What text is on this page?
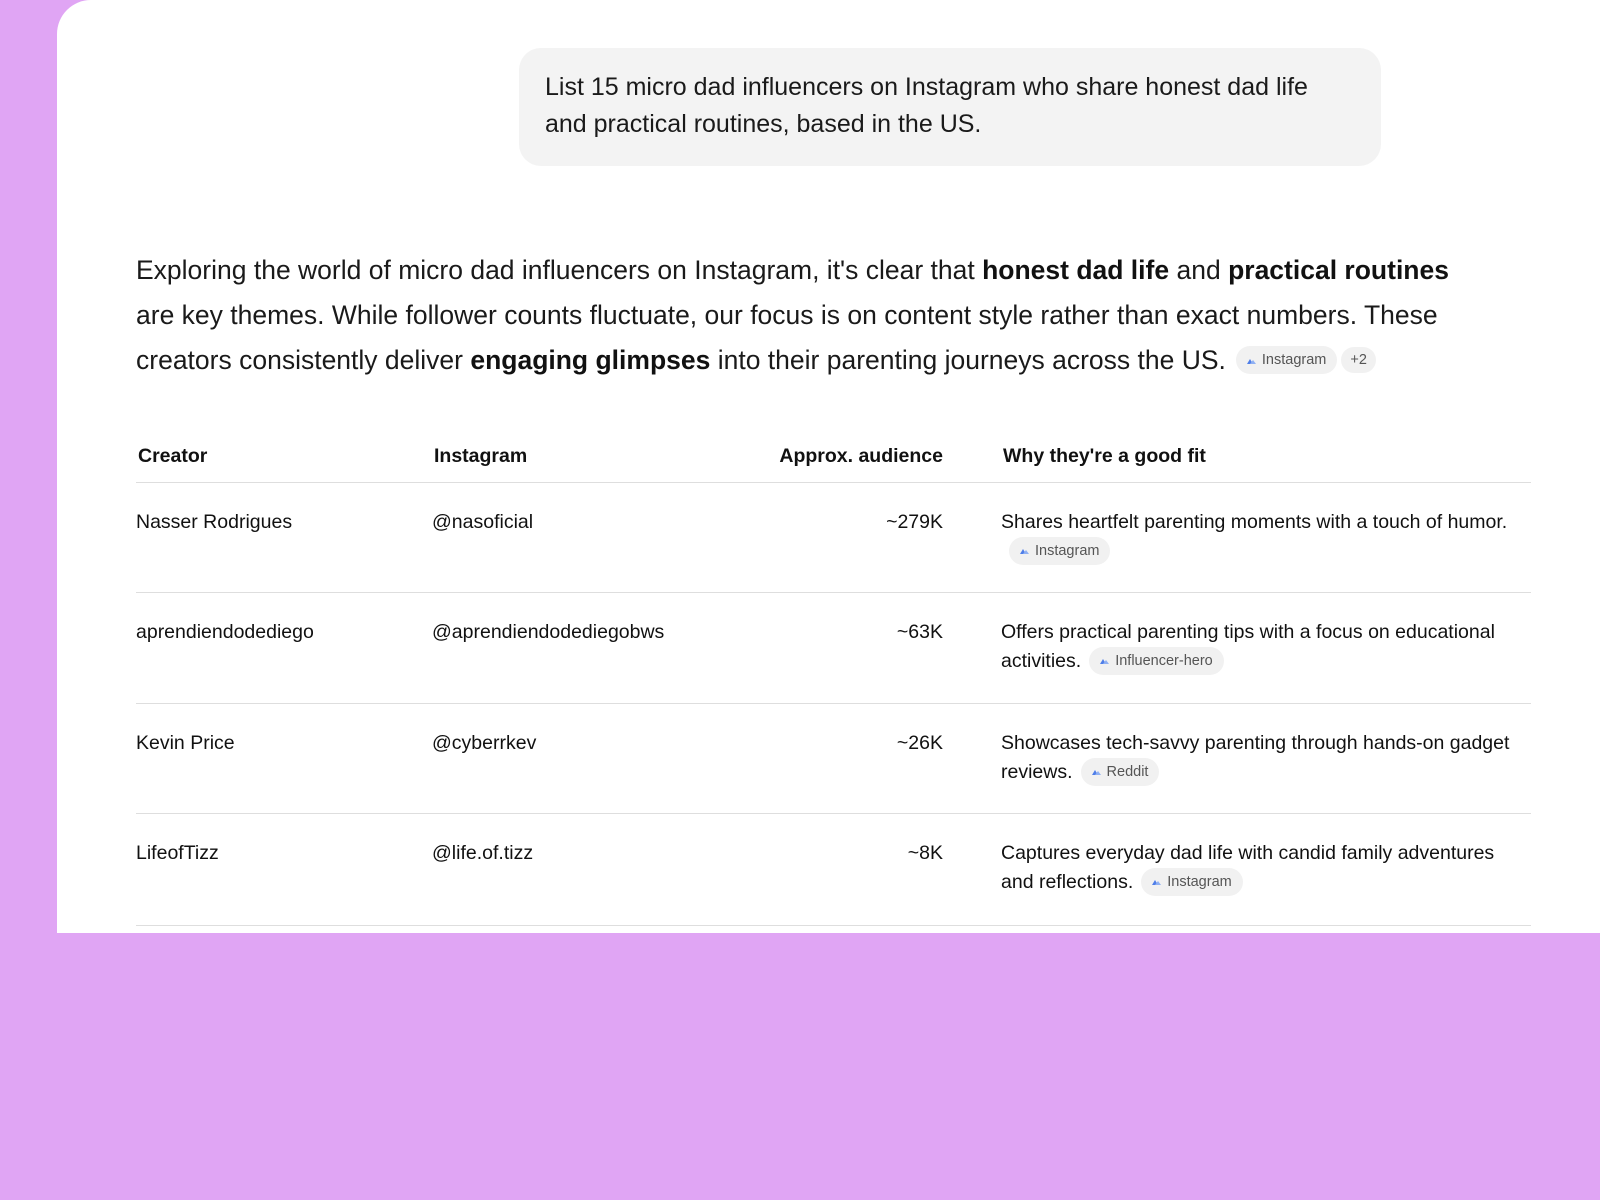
List 15 micro dad influencers on Instagram who share honest dad life and practical routines, based in the US.
Exploring the world of micro dad influencers on Instagram, it's clear that honest dad life and practical routines are key themes. While follower counts fluctuate, our focus is on content style rather than exact numbers. These creators consistently deliver engaging glimpses into their parenting journeys across the US. Instagram +2
Creator	Instagram	Approx. audience		Why they're a good fit
Nasser Rodrigues	@nasoficial	~279K		Shares heartfelt parenting moments with a touch of humor.

Instagram

aprendiendodediego	@aprendiendodediegobws	~63K		Offers practical parenting tips with a focus on educational activities. Influencer-hero

Kevin Price	@cyberrkev	~26K		Showcases tech-savvy parenting through hands-on gadget reviews. Reddit

LifeofTizz	@life.of.tizz	~8K		Captures everyday dad life with candid family adventures and reflections. Instagram
